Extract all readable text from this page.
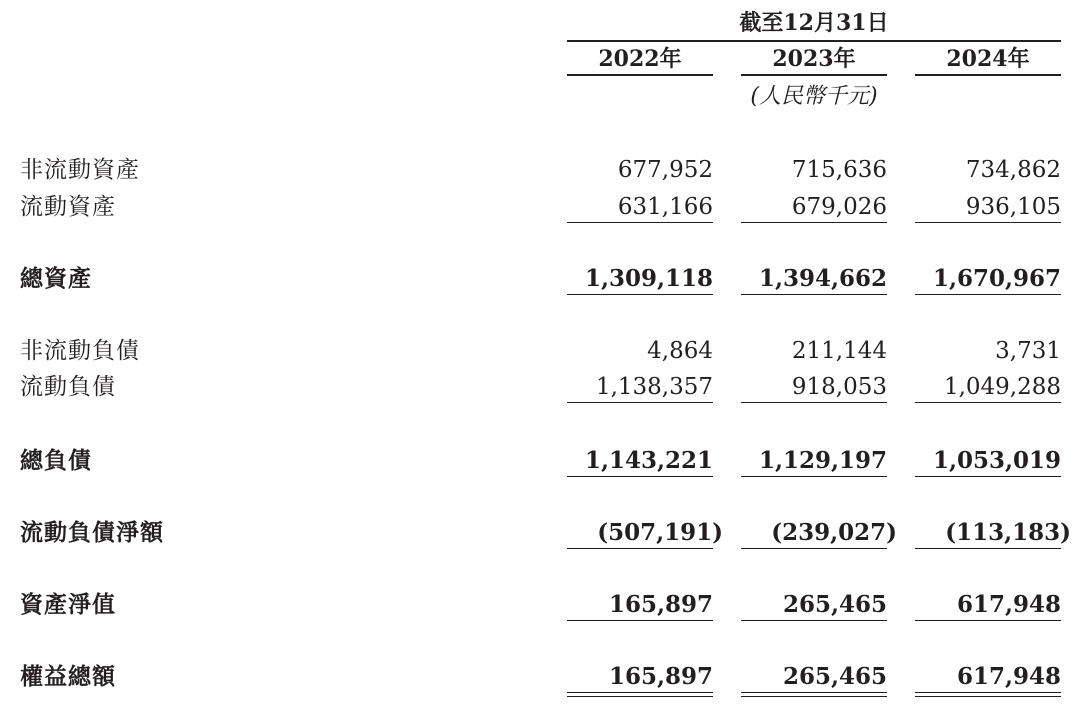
截至12月31日
2022年	2023年	2024年
(人民幣千元)
非流動資產	677,952	715,636	734,862
流動資產	631,166	679,026	936,105
總資產	1,309,118	1,394,662	1,670,967
非流動負債	4,864	211,144	3,731
流動負債	1,138,357	918,053	1,049,288
總負債	1,143,221	1,129,197	1,053,019
流動負債淨額	(507,191)	(239,027)	(113,183)
資產淨值	165,897	265,465	617,948
權益總額	165,897	265,465	617,948
